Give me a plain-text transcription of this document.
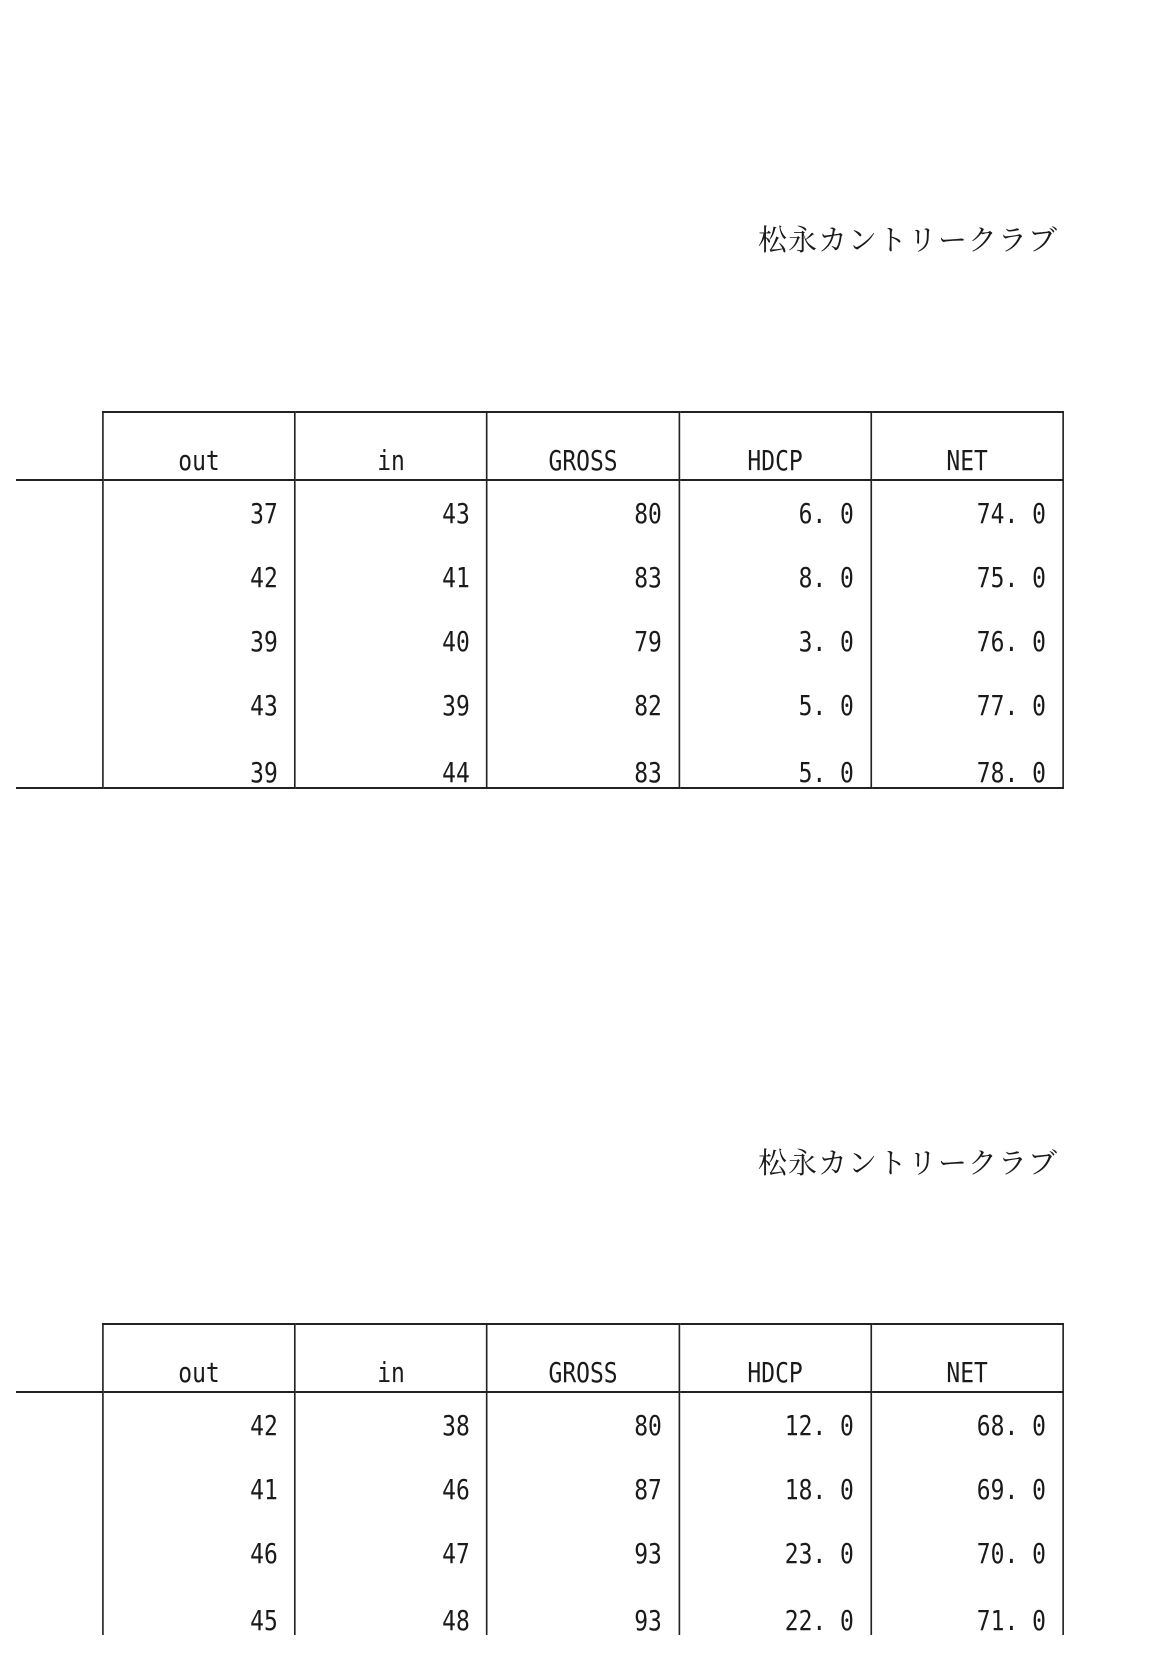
松永カントリークラブ
	out	in	GROSS	HDCP	NET
	37	43	80	6. 0	74. 0
	42	41	83	8. 0	75. 0
	39	40	79	3. 0	76. 0
	43	39	82	5. 0	77. 0
	39	44	83	5. 0	78. 0
松永カントリークラブ
	out	in	GROSS	HDCP	NET
	42	38	80	12. 0	68. 0
	41	46	87	18. 0	69. 0
	46	47	93	23. 0	70. 0
	45	48	93	22. 0	71. 0
